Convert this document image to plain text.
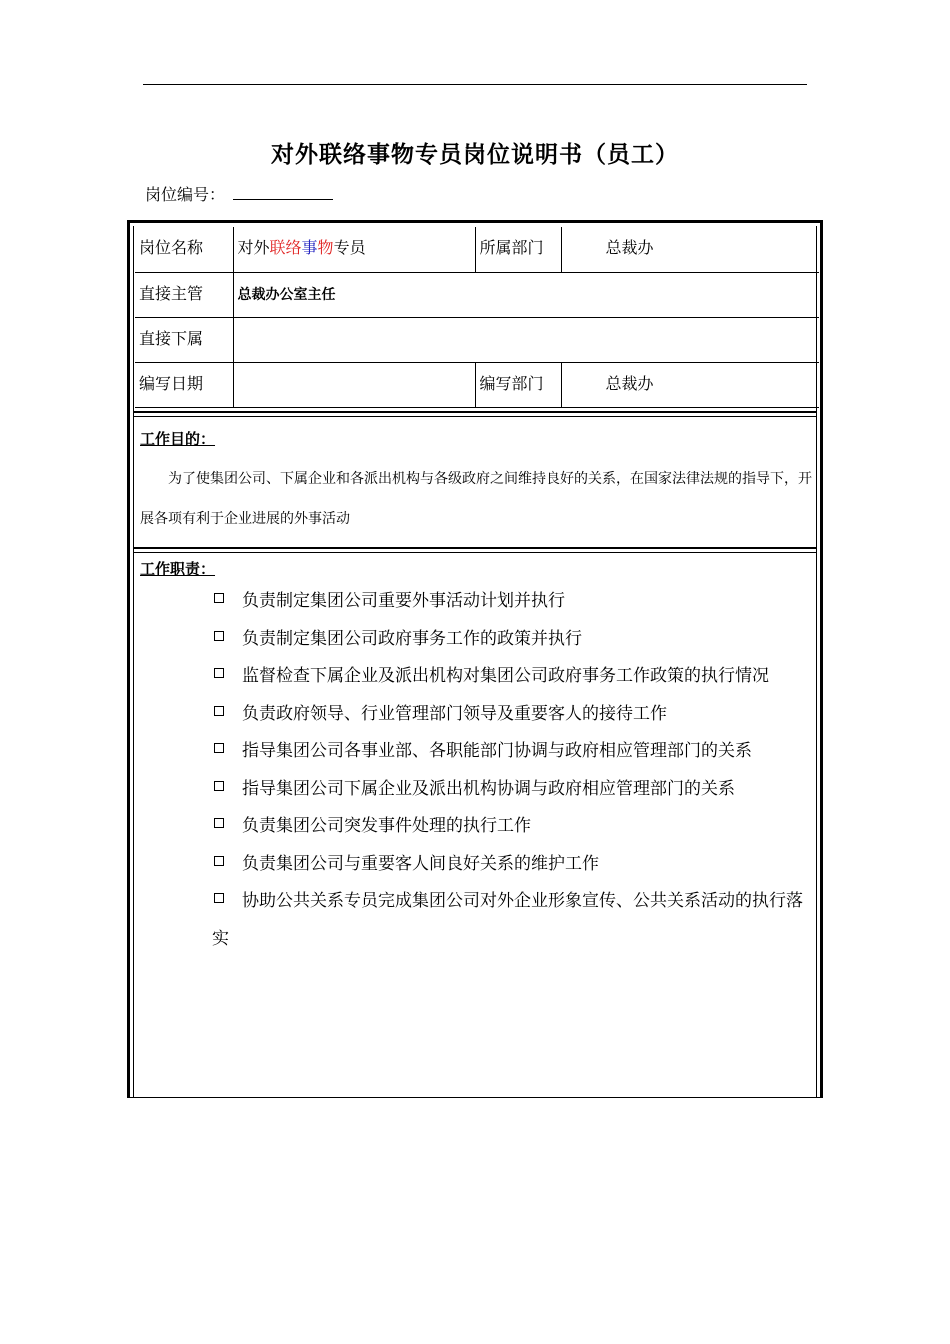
对外联络事物专员岗位说明书（员工）
岗位编号：
岗位名称	对外联络事物专员	所属部门	总裁办
直接主管	总裁办公室主任		
直接下属			
编写日期		编写部门	总裁办
工作目的：
为了使集团公司、下属企业和各派出机构与各级政府之间维持良好的关系，在国家法律法规的指导下，开展各项有利于企业进展的外事活动
工作职责：
负责制定集团公司重要外事活动计划并执行
负责制定集团公司政府事务工作的政策并执行
监督检查下属企业及派出机构对集团公司政府事务工作政策的执行情况
负责政府领导、行业管理部门领导及重要客人的接待工作
指导集团公司各事业部、各职能部门协调与政府相应管理部门的关系
指导集团公司下属企业及派出机构协调与政府相应管理部门的关系
负责集团公司突发事件处理的执行工作
负责集团公司与重要客人间良好关系的维护工作
协助公共关系专员完成集团公司对外企业形象宣传、公共关系活动的执行落实
